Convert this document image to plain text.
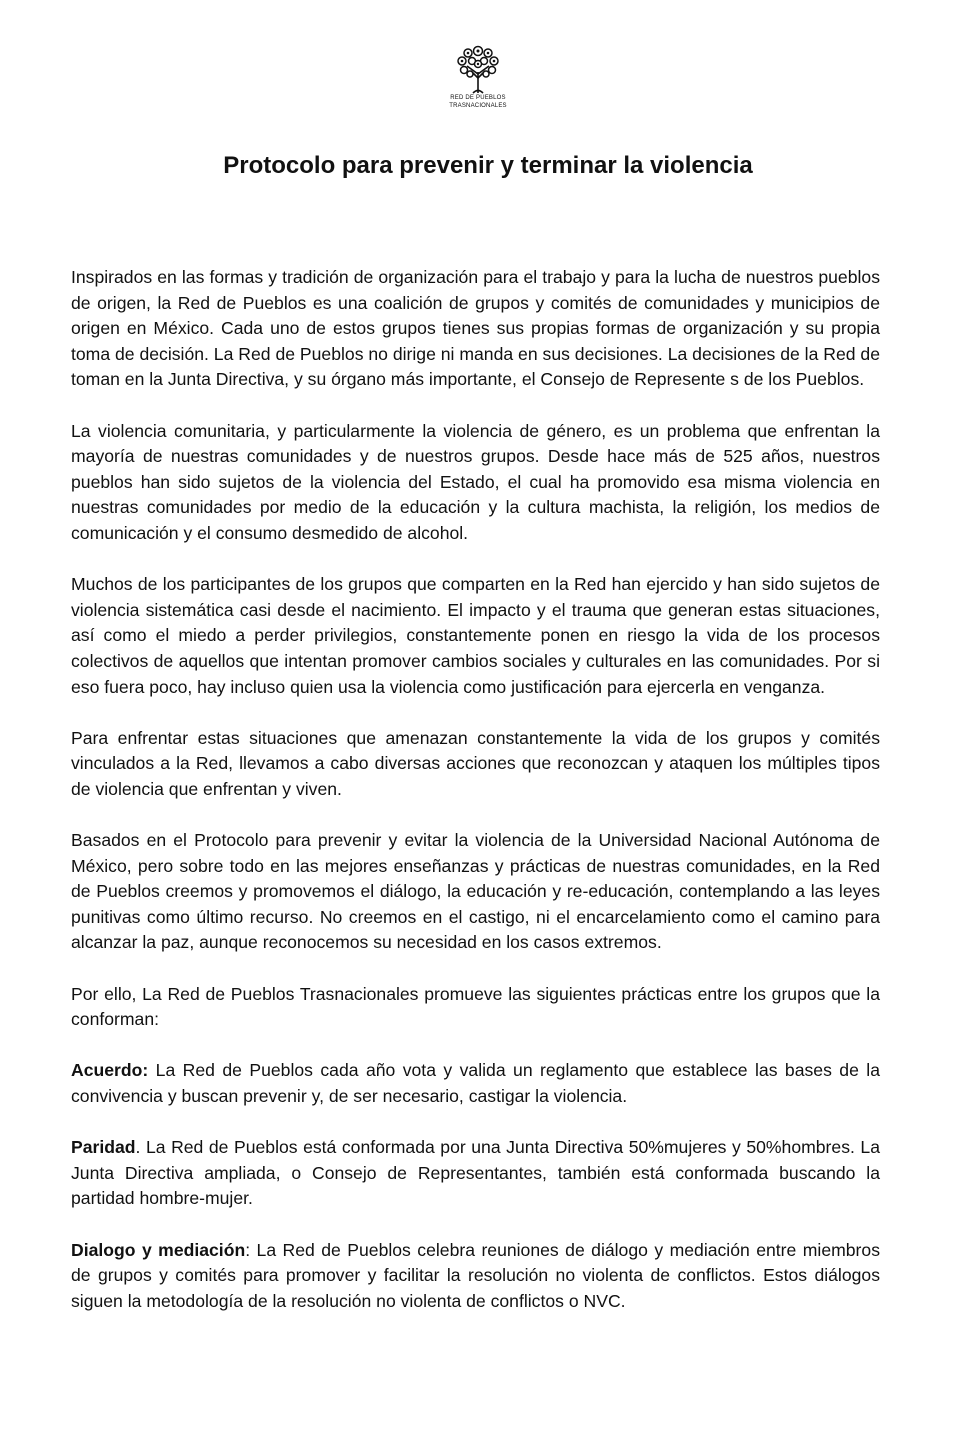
RED DE PUEBLOS
TRASNACIONALES
Protocolo para prevenir y terminar la violencia

Inspirados en las formas y tradición de organización para el trabajo y para la lucha de nuestros pueblos de origen, la Red de Pueblos es una coalición de grupos y comités de comunidades y municipios de origen en México. Cada uno de estos grupos tienes sus propias formas de organización y su propia toma de decisión. La Red de Pueblos no dirige ni manda en sus decisiones. La decisiones de la Red de toman en la Junta Directiva, y su órgano más importante, el Consejo de Represente s de los Pueblos.

La violencia comunitaria, y particularmente la violencia de género, es un problema que enfrentan la mayoría de nuestras comunidades y de nuestros grupos. Desde hace más de 525 años, nuestros pueblos han sido sujetos de la violencia del Estado, el cual ha promovido esa misma violencia en nuestras comunidades por medio de la educación y la cultura machista, la religión, los medios de comunicación y el consumo desmedido de alcohol.

Muchos de los participantes de los grupos que comparten en la Red han ejercido y han sido sujetos de violencia sistemática casi desde el nacimiento. El impacto y el trauma que generan estas situaciones, así como el miedo a perder privilegios, constantemente ponen en riesgo la vida de los procesos colectivos de aquellos que intentan promover cambios sociales y culturales en las comunidades. Por si eso fuera poco, hay incluso quien usa la violencia como justificación para ejercerla en venganza.

Para enfrentar estas situaciones que amenazan constantemente la vida de los grupos y comités vinculados a la Red, llevamos a cabo diversas acciones que reconozcan y ataquen los múltiples tipos de violencia que enfrentan y viven.

Basados en el Protocolo para prevenir y evitar la violencia de la Universidad Nacional Autónoma de México, pero sobre todo en las mejores enseñanzas y prácticas de nuestras comunidades, en la Red de Pueblos creemos y promovemos el diálogo, la educación y re-educación, contemplando a las leyes punitivas como último recurso. No creemos en el castigo, ni el encarcelamiento como el camino para alcanzar la paz, aunque reconocemos su necesidad en los casos extremos.

Por ello, La Red de Pueblos Trasnacionales promueve las siguientes prácticas entre los grupos que la conforman:

Acuerdo: La Red de Pueblos cada año vota y valida un reglamento que establece las bases de la convivencia y buscan prevenir y, de ser necesario, castigar la violencia.

Paridad. La Red de Pueblos está conformada por una Junta Directiva 50%mujeres y 50%hombres. La Junta Directiva ampliada, o Consejo de Representantes, también está conformada buscando la partidad hombre-mujer.

Dialogo y mediación: La Red de Pueblos celebra reuniones de diálogo y mediación entre miembros de grupos y comités para promover y facilitar la resolución no violenta de conflictos. Estos diálogos siguen la metodología de la resolución no violenta de conflictos o NVC.
